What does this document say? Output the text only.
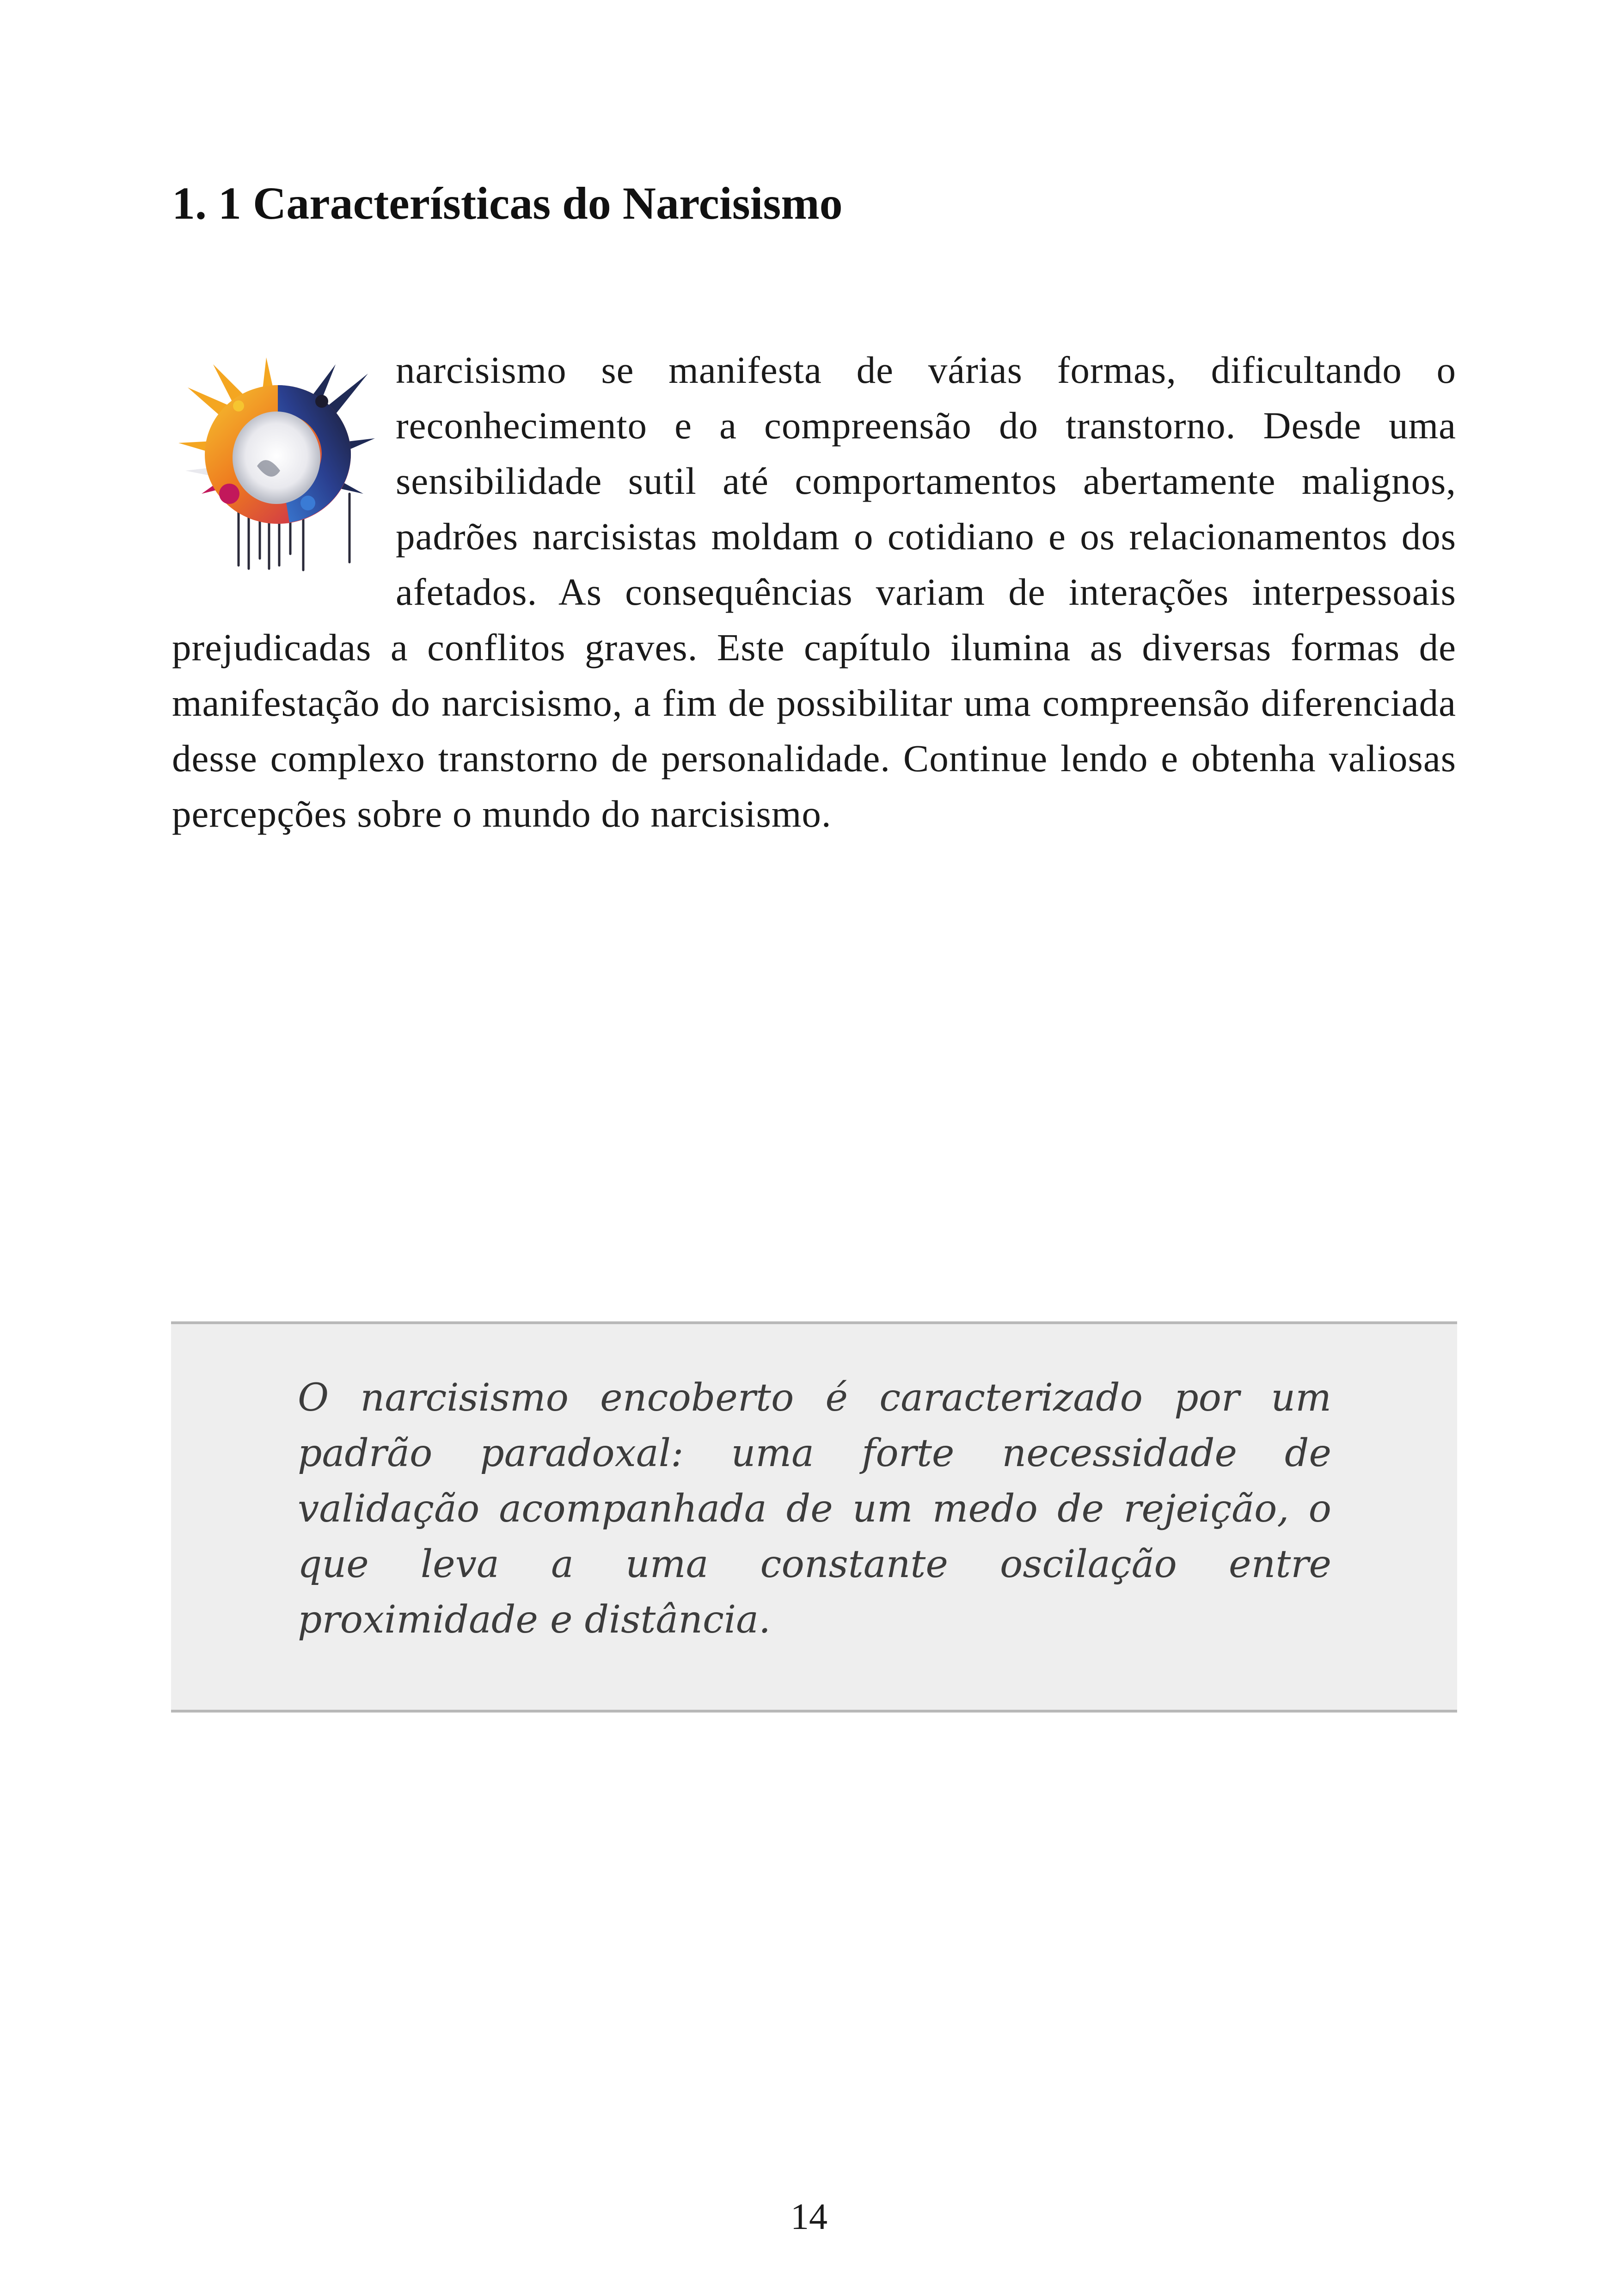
1. 1 Características do Narcisismo

narcisismo se manifesta de várias formas, dificultando o reconhecimento e a compreensão do transtorno. Desde uma sensibilidade sutil até comportamentos abertamente malignos, padrões narcisistas moldam o cotidiano e os relacionamentos dos afetados. As consequências variam de interações interpessoais prejudicadas a conflitos graves. Este capítulo ilumina as diversas formas de manifestação do narcisismo, a fim de possibilitar uma compreensão diferenciada desse complexo transtorno de personalidade. Continue lendo e obtenha valiosas percepções sobre o mundo do narcisismo.

O narcisismo encoberto é caracterizado por um padrão paradoxal: uma forte necessidade de validação acompanhada de um medo de rejeição, o que leva a uma constante oscilação entre proximidade e distância.

14
